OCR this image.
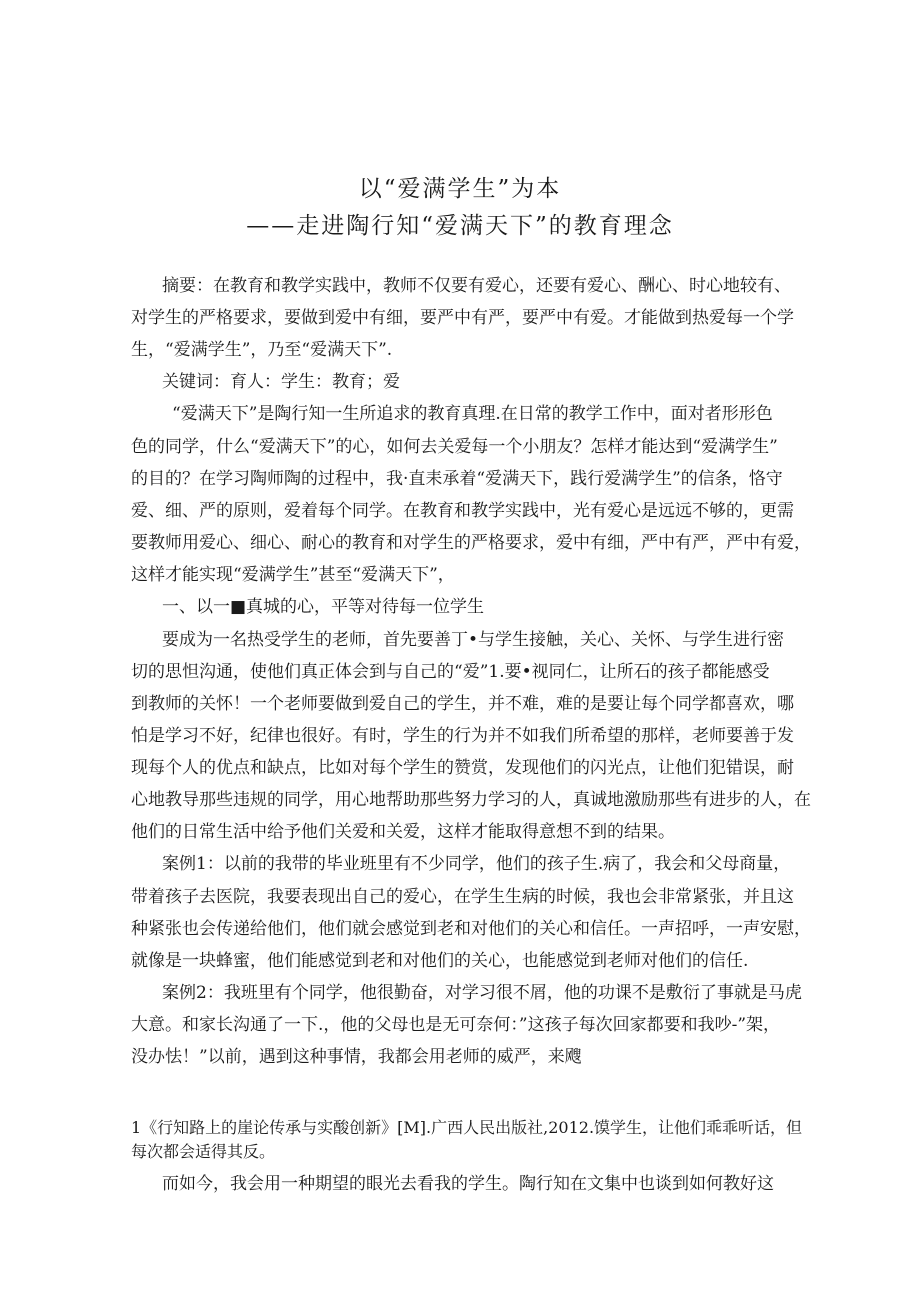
以“爱满学生”为本
——走进陶行知“爱满天下”的教育理念
摘要：在教育和教学实践中，教师不仅要有爱心，还要有爱心、酬心、时心地较有、
对学生的严格要求，要做到爱中有细，要严中有严，要严中有爱。才能做到热爱每一个学
生，“爱满学生”，乃至“爱满天下”.
关键词：育人：学生：教育；爱
“爱满天下”是陶行知一生所追求的教育真理.在日常的教学工作中，面对者形形色
色的同学，什么“爱满天下”的心，如何去关爱每一个小朋友？怎样才能达到“爱满学生”
的目的？在学习陶师陶的过程中，我·直耒承着“爱满天下，践行爱满学生”的信条，恪守
爱、细、严的原则，爱着每个同学。在教育和教学实践中，光有爱心是远远不够的，更需
要教师用爱心、细心、耐心的教育和对学生的严格要求，爱中有细，严中有严，严中有爱，
这样才能实现“爱满学生”甚至“爱满天下”，
一、以一■真城的心，平等对待每一位学生
要成为一名热受学生的老师，首先要善丁•与学生接触，关心、关怀、与学生进行密
切的思怛沟通，使他们真正体会到与自己的“爱”1.要•视同仁，让所石的孩子都能感受
到教师的关怀！一个老师要做到爱自己的学生，并不难，难的是要让每个同学都喜欢，哪
怕是学习不好，纪律也很好。有时，学生的行为并不如我们所希望的那样，老师要善于发
现每个人的优点和缺点，比如对每个学生的赞赏，发现他们的闪光点，让他们犯错误，耐
心地教导那些违规的同学，用心地帮助那些努力学习的人，真诚地激励那些有进步的人，在
他们的日常生活中给予他们关爱和关爱，这样才能取得意想不到的结果。
案例1：以前的我带的毕业班里有不少同学，他们的孩子生.病了，我会和父母商量，
带着孩子去医院，我要表现出自己的爱心，在学生生病的时候，我也会非常紧张，并且这
种紧张也会传递给他们，他们就会感觉到老和对他们的关心和信任。一声招呼，一声安慰，
就像是一块蜂蜜，他们能感觉到老和对他们的关心，也能感觉到老师对他们的信任.
案例2：我班里有个同学，他很勤奋，对学习很不屑，他的功课不是敷衍了事就是马虎
大意。和家长沟通了一下.，他的父母也是无可奈何：”这孩子每次回家都要和我吵-”架，
没办怯！”以前，遇到这种事情，我都会用老师的威严，来飕
1《行知路上的崖论传承与实酸创新》[M].广西人民出版社,2012.馍学生，让他们乖乖听话，但
每次都会适得其反。
而如今，我会用一种期望的眼光去看我的学生。陶行知在文集中也谈到如何教好这
